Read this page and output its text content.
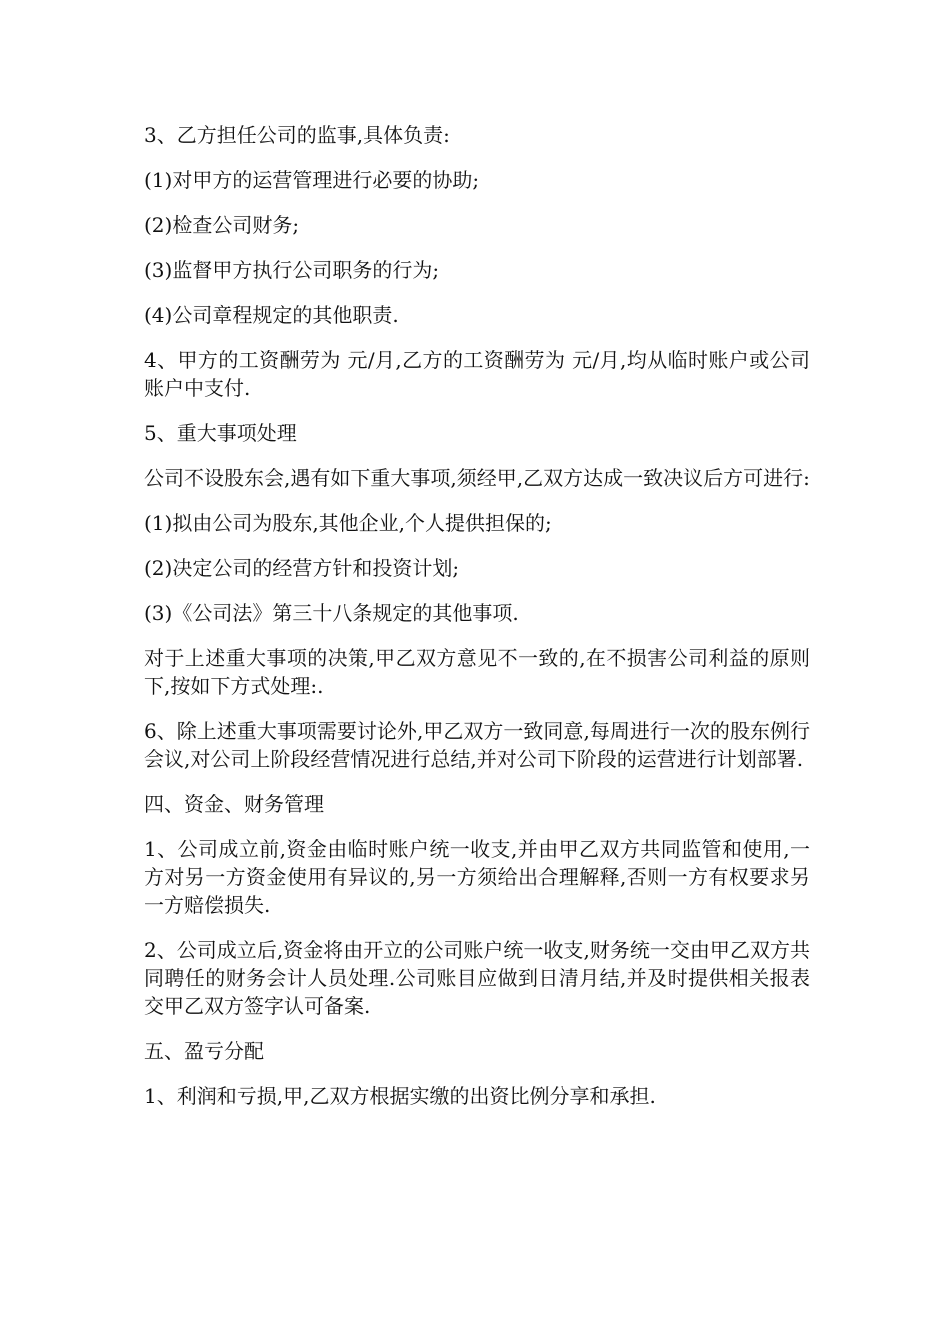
3、乙方担任公司的监事,具体负责:

(1)对甲方的运营管理进行必要的协助;

(2)检查公司财务;

(3)监督甲方执行公司职务的行为;

(4)公司章程规定的其他职责.

4、甲方的工资酬劳为 元/月,乙方的工资酬劳为 元/月,均从临时账户或公司账户中支付.

5、重大事项处理

公司不设股东会,遇有如下重大事项,须经甲,乙双方达成一致决议后方可进行:

(1)拟由公司为股东,其他企业,个人提供担保的;

(2)决定公司的经营方针和投资计划;

(3)《公司法》第三十八条规定的其他事项.

对于上述重大事项的决策,甲乙双方意见不一致的,在不损害公司利益的原则下,按如下方式处理:.

6、除上述重大事项需要讨论外,甲乙双方一致同意,每周进行一次的股东例行会议,对公司上阶段经营情况进行总结,并对公司下阶段的运营进行计划部署.

四、资金、财务管理

1、公司成立前,资金由临时账户统一收支,并由甲乙双方共同监管和使用,一方对另一方资金使用有异议的,另一方须给出合理解释,否则一方有权要求另一方赔偿损失.

2、公司成立后,资金将由开立的公司账户统一收支,财务统一交由甲乙双方共同聘任的财务会计人员处理.公司账目应做到日清月结,并及时提供相关报表交甲乙双方签字认可备案.

五、盈亏分配

1、利润和亏损,甲,乙双方根据实缴的出资比例分享和承担.
